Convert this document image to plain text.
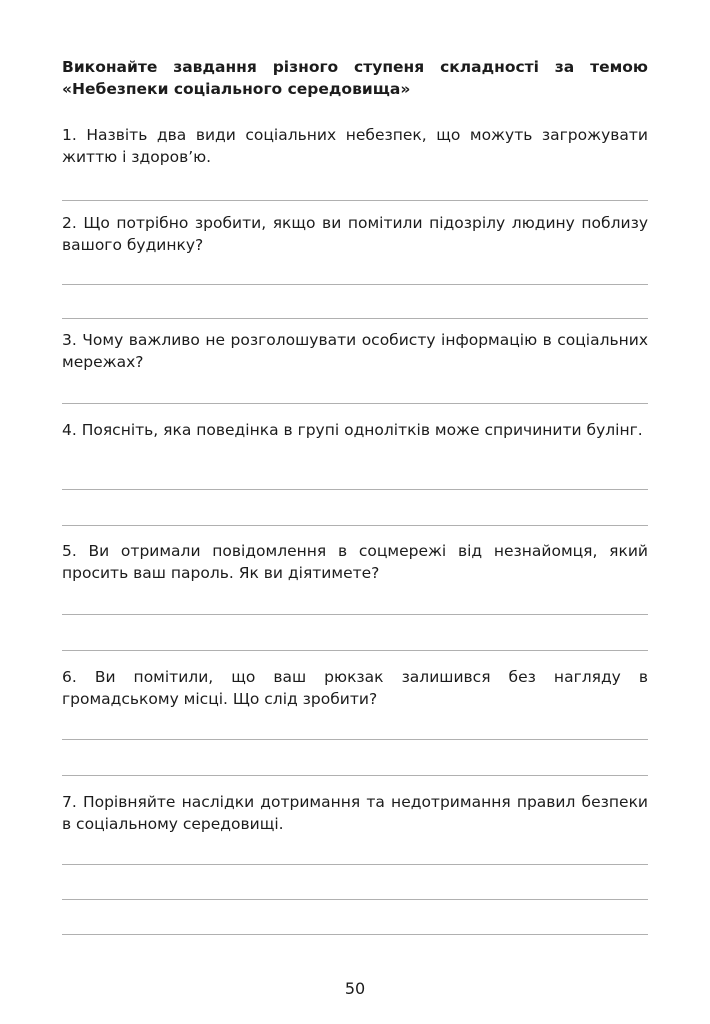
Виконайте завдання різного ступеня складності за темою
«Небезпеки соціального середовища»

1. Назвіть два види соціальних небезпек, що можуть загрожувати життю і здоров’ю.

2. Що потрібно зробити, якщо ви помітили підозрілу людину поблизу вашого будинку?

3. Чому важливо не розголошувати особисту інформацію в соціальних мережах?

4. Поясніть, яка поведінка в групі однолітків може спричинити булінг.

5. Ви отримали повідомлення в соцмережі від незнайомця, який просить ваш пароль. Як ви діятимете?

6. Ви помітили, що ваш рюкзак залишився без нагляду в громадському місці. Що слід зробити?

7. Порівняйте наслідки дотримання та недотримання правил безпеки в соціальному середовищі.

50
